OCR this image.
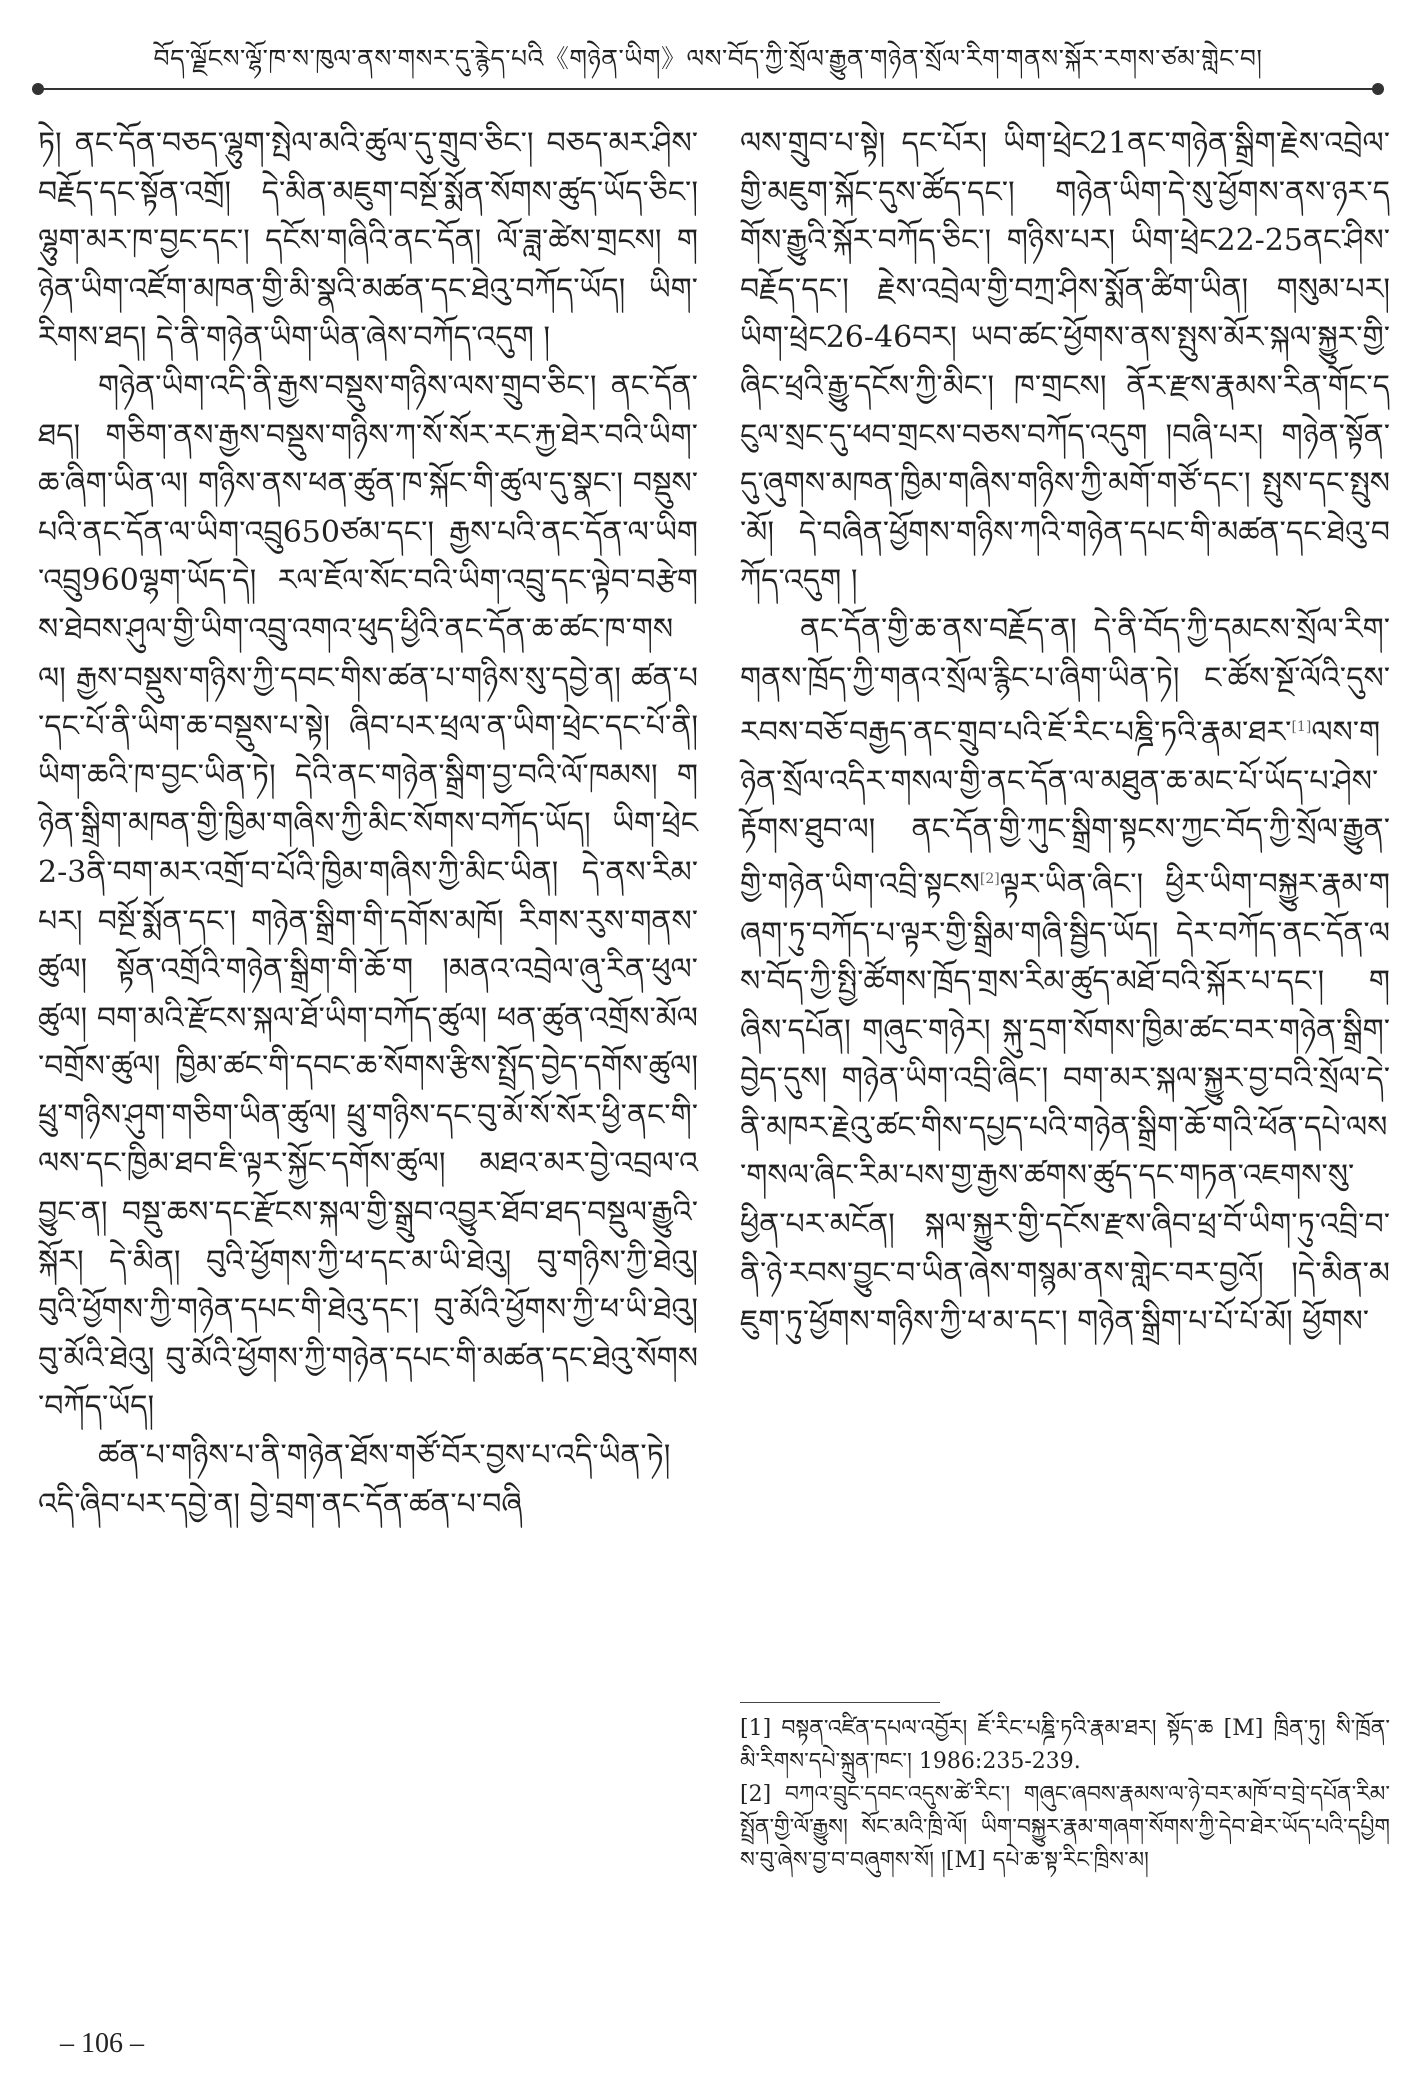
བོད་ལྗོངས་ལྷོ་ཁ་ས་ཁུལ་ནས་གསར་དུ་རྙེད་པའི《གཉེན་ཡིག》ལས་བོད་ཀྱི་སྲོལ་རྒྱུན་གཉེན་སྲོལ་རིག་གནས་སྐོར་རགས་ཙམ་གླེང་བ།

ཏེ། ནང་དོན་བཅད་ལྷུག་སྤེལ་མའི་ཚུལ་དུ་གྲུབ་ཅིང་། བཅད་མར་ཤིས་བརྗོད་དང་སྟོན་འགྲོ། དེ་མིན་མཇུག་བསྔོ་སྨོན་སོགས་ཚུད་ཡོད་ཅིང་། ལྷུག་མར་ཁ་བྱང་དང་། དངོས་གཞིའི་ནང་དོན། ལོ་ཟླ་ཚེས་གྲངས། གཉེན་ཡིག་འཛོག་མཁན་གྱི་མི་སྣའི་མཚན་དང་ཐེའུ་བཀོད་ཡོད། ཡིག་རིགས་ཐད། དེ་ནི་གཉེན་ཡིག་ཡིན་ཞེས་བཀོད་འདུག །

གཉེན་ཡིག་འདི་ནི་རྒྱས་བསྡུས་གཉིས་ལས་གྲུབ་ཅིང་། ནང་དོན་ཐད། གཅིག་ནས་རྒྱས་བསྡུས་གཉིས་ཀ་སོ་སོར་རང་རྐྱ་ཐེར་བའི་ཡིག་ཆ་ཞིག་ཡིན་ལ། གཉིས་ནས་ཕན་ཚུན་ཁ་སྐོང་གི་ཚུལ་དུ་སྣང་། བསྡུས་པའི་ནང་དོན་ལ་ཡིག་འབྲུ650ཙམ་དང་། རྒྱས་པའི་ནང་དོན་ལ་ཡིག་འབྲུ960ལྷག་ཡོད་དེ། རལ་ཇོལ་སོང་བའི་ཡིག་འབྲུ་དང་ལྟེབ་བརྩེགས་ཐེབས་ཤུལ་གྱི་ཡིག་འབྲུ་འགའ་ཕུད་ཕྱིའི་ནང་དོན་ཆ་ཚང་ཁ་གསལ། རྒྱས་བསྡུས་གཉིས་ཀྱི་དབང་གིས་ཚན་པ་གཉིས་སུ་དབྱེ་ན། ཚན་པ་དང་པོ་ནི་ཡིག་ཆ་བསྡུས་པ་སྟེ། ཞིབ་པར་ཕྲལ་ན་ཡིག་ཕྲེང་དང་པོ་ནི། ཡིག་ཆའི་ཁ་བྱང་ཡིན་ཏེ། དེའི་ནང་གཉེན་སྒྲིག་བྱ་བའི་ལོ་ཁམས། གཉེན་སྒྲིག་མཁན་གྱི་ཁྱིམ་གཞིས་ཀྱི་མིང་སོགས་བཀོད་ཡོད། ཡིག་ཕྲེང2-3ནི་བག་མར་འགྲོ་བ་པོའི་ཁྱིམ་གཞིས་ཀྱི་མིང་ཡིན། དེ་ནས་རིམ་པར། བསྔོ་སྨོན་དང་། གཉེན་སྒྲིག་གི་དགོས་མཁོ། རིགས་རུས་གནས་ཚུལ། སྟོན་འགྲོའི་གཉེན་སྒྲིག་གི་ཆོ་ག །མནའ་འབྲེལ་ཞུ་རིན་ཕུལ་ཚུལ། བག་མའི་རྫོངས་སྐལ་ཐོ་ཡིག་བཀོད་ཚུལ། ཕན་ཚུན་འགྲོས་མོལ་བགྲོས་ཚུལ། ཁྱིམ་ཚང་གི་དབང་ཆ་སོགས་རྩིས་སྤྲོད་བྱེད་དགོས་ཚུལ། ཕྲུ་གཉིས་ཤུག་གཅིག་ཡིན་ཚུལ། ཕྲུ་གཉིས་དང་བུ་མོ་སོ་སོར་ཕྱི་ནང་གི་ལས་དང་ཁྱིམ་ཐབ་ཇི་ལྟར་སྐྱོང་དགོས་ཚུལ། མཐའ་མར་བྱེ་འབྲལ་འབྱུང་ན། བསྡུ་ཆས་དང་རྫོངས་སྐལ་གྱི་སྒྲུབ་འབྱུར་ཐོབ་ཐད་བསྡུལ་རྒྱུའི་སྐོར། དེ་མིན། བུའི་ཕྱོགས་ཀྱི་ཕ་དང་མ་ཡི་ཐེའུ། བུ་གཉིས་ཀྱི་ཐེའུ། བུའི་ཕྱོགས་ཀྱི་གཉེན་དཔང་གི་ཐེའུ་དང་། བུ་མོའི་ཕྱོགས་ཀྱི་ཕ་ཡི་ཐེའུ། བུ་མོའི་ཐེའུ། བུ་མོའི་ཕྱོགས་ཀྱི་གཉེན་དཔང་གི་མཚན་དང་ཐེའུ་སོགས་བཀོད་ཡོད།

ཚན་པ་གཉིས་པ་ནི་གཉེན་ཐོས་གཙོ་བོར་བྱས་པ་འདི་ཡིན་ཏེ། འདི་ཞིབ་པར་དབྱེ་ན། བྱེ་བྲག་ནང་དོན་ཚན་པ་བཞི

ལས་གྲུབ་པ་སྟེ། དང་པོར། ཡིག་ཕྲེང21ནང་གཉེན་སྒྲིག་རྗེས་འབྲེལ་གྱི་མཇུག་སྐོང་དུས་ཚོད་དང་། གཉེན་ཡིག་དེ་སུ་ཕྱོགས་ནས་ཉར་དགོས་རྒྱུའི་སྐོར་བཀོད་ཅིང་། གཉིས་པར། ཡིག་ཕྲེང22-25ནང་ཤིས་བརྗོད་དང་། རྗེས་འབྲེལ་གྱི་བཀྲ་ཤིས་སྨོན་ཚིག་ཡིན། གསུམ་པར། ཡིག་ཕྲེང26-46བར། ཡབ་ཚང་ཕྱོགས་ནས་སྤུས་མོར་སྐལ་སྐྱུར་གྱི་ཞིང་ཕྲའི་རྒྱུ་དངོས་ཀྱི་མིང་། ཁ་གྲངས། ནོར་རྫས་རྣམས་རིན་གོང་དངུལ་སྲང་དུ་ཕབ་གྲངས་བཅས་བཀོད་འདུག །བཞི་པར། གཉེན་སྟོན་དུ་ཞུགས་མཁན་ཁྱིམ་གཞིས་གཉིས་ཀྱི་མགོ་གཙོ་དང་། སྤུས་དང་སྤུས་མོ། དེ་བཞིན་ཕྱོགས་གཉིས་ཀའི་གཉེན་དཔང་གི་མཚན་དང་ཐེའུ་བཀོད་འདུག །

ནང་དོན་གྱི་ཆ་ནས་བརྗོད་ན། དེ་ནི་བོད་ཀྱི་དམངས་སྲོལ་རིག་གནས་ཁྲོད་ཀྱི་གནའ་སྲོལ་རྙིང་པ་ཞིག་ཡིན་ཏེ། ང་ཚོས་སྔོ་ལོའི་དུས་རབས་བཅོ་བརྒྱད་ནང་གྲུབ་པའི་ཇོ་རིང་པཎྜི་ཏའི་རྣམ་ཐར་[1]ལས་གཉེན་སྲོལ་འདིར་གསལ་གྱི་ནང་དོན་ལ་མཐུན་ཆ་མང་པོ་ཡོད་པ་ཤེས་རྟོགས་ཐུབ་ལ། ནང་དོན་གྱི་ཀུང་སྒྲིག་སྟངས་ཀྱང་བོད་ཀྱི་སྲོལ་རྒྱུན་གྱི་གཉེན་ཡིག་འབྲི་སྟངས[2]ལྟར་ཡིན་ཞིང་། ཕྱིར་ཡིག་བསྐྱུར་རྣམ་གཞག་ཏུ་བཀོད་པ་ལྟར་གྱི་སྒྲིམ་གཞི་སྦྱིད་ཡོད། དེར་བཀོད་ནང་དོན་ལས་བོད་ཀྱི་སྤྱི་ཚོགས་ཁྲོད་གྲས་རིམ་ཚུད་མཐོ་བའི་སྐོར་པ་དང་། གཞིས་དཔོན། གཞུང་གཉེར། སྐུ་དྲག་སོགས་ཁྱིམ་ཚང་བར་གཉེན་སྒྲིག་བྱེད་དུས། གཉེན་ཡིག་འབྲི་ཞིང་། བག་མར་སྐལ་སྐྱུར་བྱ་བའི་སྲོལ་དེ་ནི་མཁར་རྗེའུ་ཚང་གིས་དཔྱད་པའི་གཉེན་སྒྲིག་ཆོ་གའི་ཕོན་དཔེ་ལས་གསལ་ཞིང་རིམ་པས་གྱ་རྒྱས་ཚགས་ཚུད་དང་གཏན་འཇགས་སུ་ཕྱིན་པར་མངོན། སྐལ་སྐྱུར་གྱི་དངོས་རྫས་ཞིབ་ཕྲ་བོ་ཡིག་ཏུ་འབྲི་བ་ནི་ཉེ་རབས་བྱུང་བ་ཡིན་ཞེས་གསྙམ་ནས་གླེང་བར་བྱའོ། །དེ་མིན་མཇུག་ཏུ་ཕྱོགས་གཉིས་ཀྱི་ཕ་མ་དང་། གཉེན་སྒྲིག་པ་པོ་པོ་མོ། ཕྱོགས་

[1] བསྟན་འཛིན་དཔལ་འབྱོར། ཇོ་རིང་པཎྜི་ཏའི་རྣམ་ཐར། སྟོད་ཆ [M] ཁྲིན་ཏུ། སི་ཁྲོན་མི་རིགས་དཔེ་སྐྲུན་ཁང་། 1986:235-239.

[2] བཀའ་བྲུང་དབང་འདུས་ཚེ་རིང་། གཞུང་ཞབས་རྣམས་ལ་ཉེ་བར་མཁོ་བ་བྲེ་དཔོན་རིམ་སྤྲོན་གྱི་ལོ་རྒྱུས། སོང་མའི་ཁྲི་ལོ། ཡིག་བསྐྱུར་རྣམ་གཞག་སོགས་ཀྱི་དེབ་ཐེར་ཡོད་པའི་དཔྱིགས་བུ་ཞེས་བྱ་བ་བཞུགས་སོ། །[M] དཔེ་ཆ་སྟ་རིང་ཁྲིས་མ།

– 106 –
